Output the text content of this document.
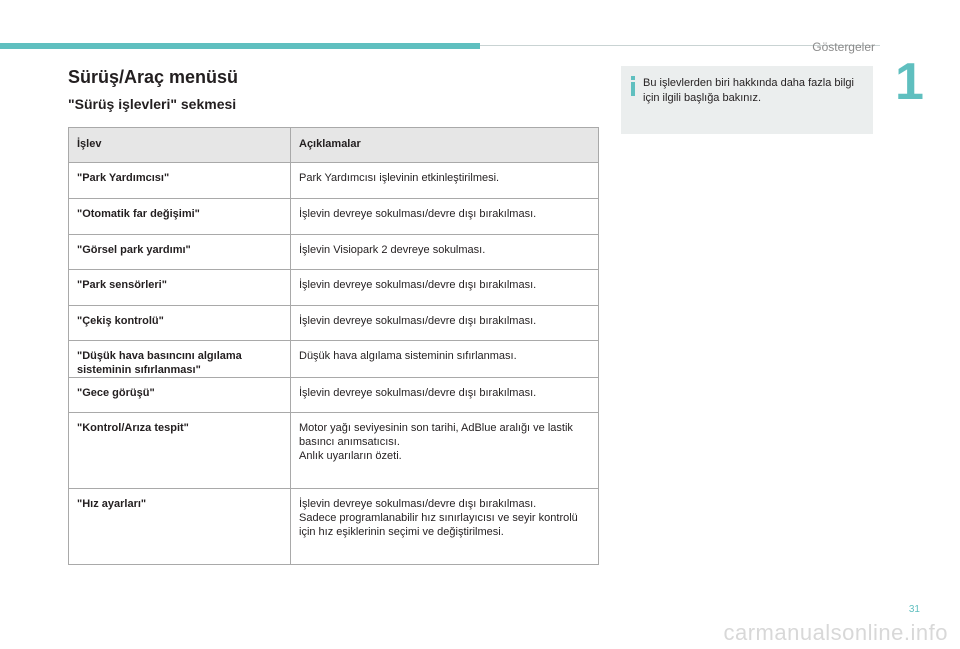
Göstergeler
1
Sürüş/Araç menüsü
"Sürüş işlevleri" sekmesi
Bu işlevlerden biri hakkında daha fazla bilgi için ilgili başlığa bakınız.
İşlev	Açıklamalar
"Park Yardımcısı"	Park Yardımcısı işlevinin etkinleştirilmesi.

"Otomatik far değişimi"	İşlevin devreye sokulması/devre dışı bırakılması.

"Görsel park yardımı"	İşlevin Visiopark 2 devreye sokulması.

"Park sensörleri"	İşlevin devreye sokulması/devre dışı bırakılması.

"Çekiş kontrolü"	İşlevin devreye sokulması/devre dışı bırakılması.

"Düşük hava basıncını algılama sisteminin sıfırlanması"	Düşük hava algılama sisteminin sıfırlanması.

"Gece görüşü"	İşlevin devreye sokulması/devre dışı bırakılması.

"Kontrol/Arıza tespit"	Motor yağı seviyesinin son tarihi, AdBlue aralığı ve lastik basıncı anımsatıcısı.
Anlık uyarıların özeti.

"Hız ayarları"	İşlevin devreye sokulması/devre dışı bırakılması.
Sadece programlanabilir hız sınırlayıcısı ve seyir kontrolü için hız eşiklerinin seçimi ve değiştirilmesi.
31
carmanualsonline.info
